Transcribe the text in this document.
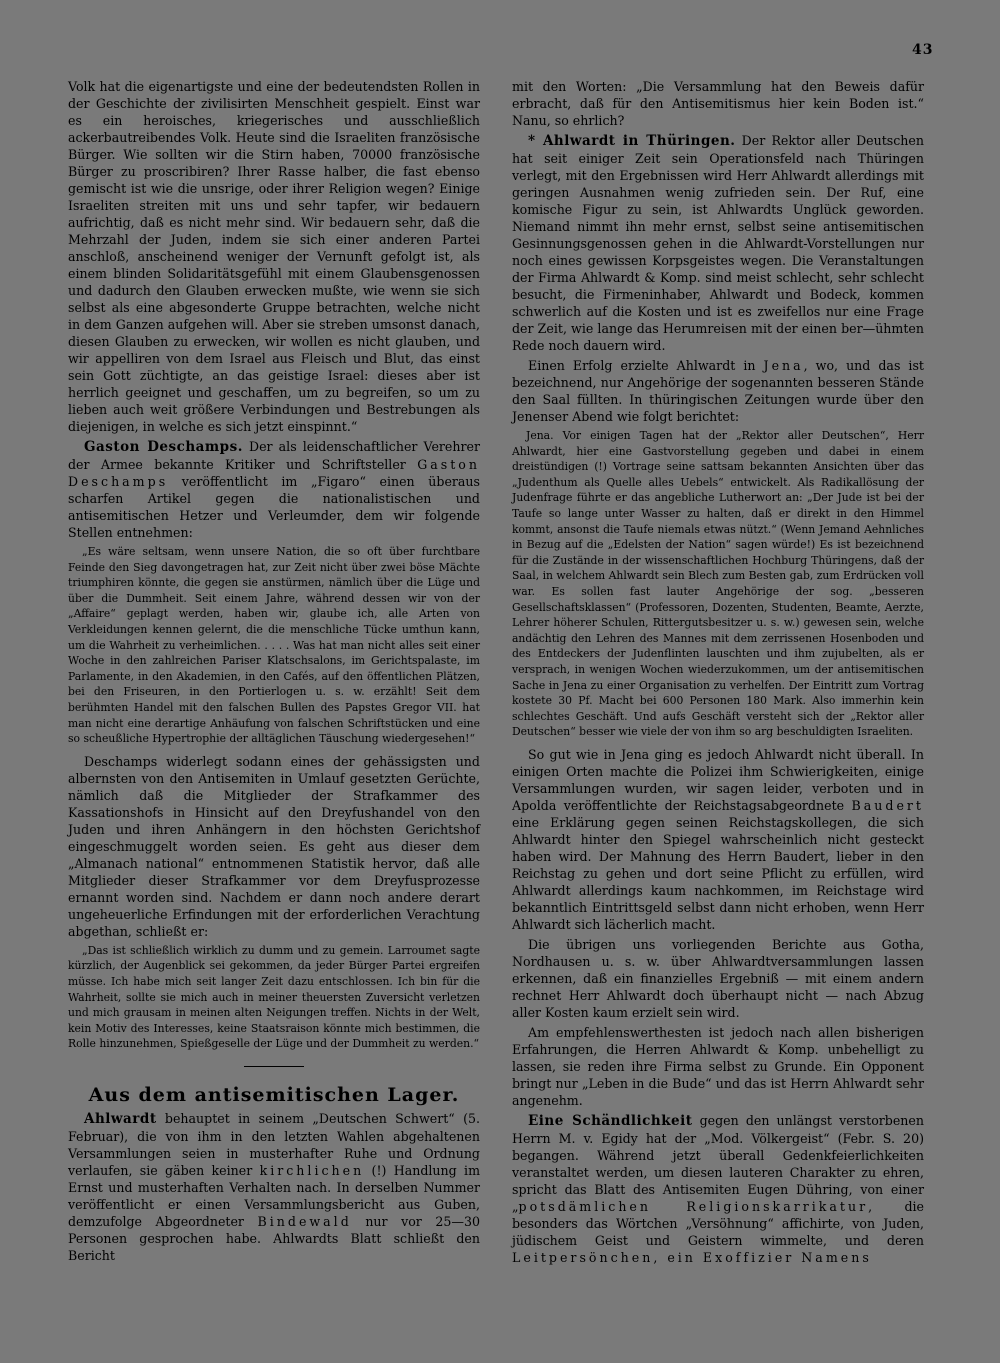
43

Volk hat die eigenartigste und eine der bedeutendsten Rollen in der Geschichte der zivilisirten Menschheit gespielt. Einst war es ein heroisches, kriegerisches und ausschließlich ackerbautreibendes Volk. Heute sind die Israeliten französische Bürger. Wie sollten wir die Stirn haben, 70000 französische Bürger zu proscribiren? Ihrer Rasse halber, die fast ebenso gemischt ist wie die unsrige, oder ihrer Religion wegen? Einige Israeliten streiten mit uns und sehr tapfer, wir bedauern aufrichtig, daß es nicht mehr sind. Wir bedauern sehr, daß die Mehrzahl der Juden, indem sie sich einer anderen Partei anschloß, anscheinend weniger der Vernunft gefolgt ist, als einem blinden Solidaritätsgefühl mit einem Glaubensgenossen und dadurch den Glauben erwecken mußte, wie wenn sie sich selbst als eine abgesonderte Gruppe betrachten, welche nicht in dem Ganzen aufgehen will. Aber sie streben umsonst danach, diesen Glauben zu erwecken, wir wollen es nicht glauben, und wir appelliren von dem Israel aus Fleisch und Blut, das einst sein Gott züchtigte, an das geistige Israel: dieses aber ist herrlich geeignet und geschaffen, um zu begreifen, so um zu lieben auch weit größere Verbindungen und Bestrebungen als diejenigen, in welche es sich jetzt einspinnt.“

Gaston Deschamps. Der als leidenschaftlicher Verehrer der Armee bekannte Kritiker und Schriftsteller Gaston Deschamps veröffentlicht im „Figaro“ einen überaus scharfen Artikel gegen die nationalistischen und antisemitischen Hetzer und Verleumder, dem wir folgende Stellen entnehmen:

„Es wäre seltsam, wenn unsere Nation, die so oft über furchtbare Feinde den Sieg davongetragen hat, zur Zeit nicht über zwei böse Mächte triumphiren könnte, die gegen sie anstürmen, nämlich über die Lüge und über die Dummheit. Seit einem Jahre, während dessen wir von der „Affaire“ geplagt werden, haben wir, glaube ich, alle Arten von Verkleidungen kennen gelernt, die die menschliche Tücke umthun kann, um die Wahrheit zu verheimlichen. . . . . Was hat man nicht alles seit einer Woche in den zahlreichen Pariser Klatschsalons, im Gerichtspalaste, im Parlamente, in den Akademien, in den Cafés, auf den öffentlichen Plätzen, bei den Friseuren, in den Portierlogen u. s. w. erzählt! Seit dem berühmten Handel mit den falschen Bullen des Papstes Gregor VII. hat man nicht eine derartige Anhäufung von falschen Schriftstücken und eine so scheußliche Hypertrophie der alltäglichen Täuschung wiedergesehen!“

Deschamps widerlegt sodann eines der gehässigsten und albernsten von den Antisemiten in Umlauf gesetzten Gerüchte, nämlich daß die Mitglieder der Strafkammer des Kassationshofs in Hinsicht auf den Dreyfushandel von den Juden und ihren Anhängern in den höchsten Gerichtshof eingeschmuggelt worden seien. Es geht aus dieser dem „Almanach national“ entnommenen Statistik hervor, daß alle Mitglieder dieser Strafkammer vor dem Dreyfusprozesse ernannt worden sind. Nachdem er dann noch andere derart ungeheuerliche Erfindungen mit der erforderlichen Verachtung abgethan, schließt er:

„Das ist schließlich wirklich zu dumm und zu gemein. Larroumet sagte kürzlich, der Augenblick sei gekommen, da jeder Bürger Partei ergreifen müsse. Ich habe mich seit langer Zeit dazu entschlossen. Ich bin für die Wahrheit, sollte sie mich auch in meiner theuersten Zuversicht verletzen und mich grausam in meinen alten Neigungen treffen. Nichts in der Welt, kein Motiv des Interesses, keine Staatsraison könnte mich bestimmen, die Rolle hinzunehmen, Spießgeselle der Lüge und der Dummheit zu werden.“

Aus dem antisemitischen Lager.

Ahlwardt behauptet in seinem „Deutschen Schwert“ (5. Februar), die von ihm in den letzten Wahlen abgehaltenen Versammlungen seien in musterhafter Ruhe und Ordnung verlaufen, sie gäben keiner kirchlichen (!) Handlung im Ernst und musterhaften Verhalten nach. In derselben Nummer veröffentlicht er einen Versammlungsbericht aus Guben, demzufolge Abgeordneter Bindewald nur vor 25—30 Personen gesprochen habe. Ahlwardts Blatt schließt den Bericht

mit den Worten: „Die Versammlung hat den Beweis dafür erbracht, daß für den Antisemitismus hier kein Boden ist.“ Nanu, so ehrlich?

* Ahlwardt in Thüringen. Der Rektor aller Deutschen hat seit einiger Zeit sein Operationsfeld nach Thüringen verlegt, mit den Ergebnissen wird Herr Ahlwardt allerdings mit geringen Ausnahmen wenig zufrieden sein. Der Ruf, eine komische Figur zu sein, ist Ahlwardts Unglück geworden. Niemand nimmt ihn mehr ernst, selbst seine antisemitischen Gesinnungsgenossen gehen in die Ahlwardt-Vorstellungen nur noch eines gewissen Korpsgeistes wegen. Die Veranstaltungen der Firma Ahlwardt & Komp. sind meist schlecht, sehr schlecht besucht, die Firmeninhaber, Ahlwardt und Bodeck, kommen schwerlich auf die Kosten und ist es zweifellos nur eine Frage der Zeit, wie lange das Herumreisen mit der einen ber—ühmten Rede noch dauern wird.

Einen Erfolg erzielte Ahlwardt in Jena, wo, und das ist bezeichnend, nur Angehörige der sogenannten besseren Stände den Saal füllten. In thüringischen Zeitungen wurde über den Jenenser Abend wie folgt berichtet:

Jena. Vor einigen Tagen hat der „Rektor aller Deutschen“, Herr Ahlwardt, hier eine Gastvorstellung gegeben und dabei in einem dreistündigen (!) Vortrage seine sattsam bekannten Ansichten über das „Judenthum als Quelle alles Uebels“ entwickelt. Als Radikallösung der Judenfrage führte er das angebliche Lutherwort an: „Der Jude ist bei der Taufe so lange unter Wasser zu halten, daß er direkt in den Himmel kommt, ansonst die Taufe niemals etwas nützt.“ (Wenn Jemand Aehnliches in Bezug auf die „Edelsten der Nation“ sagen würde!) Es ist bezeichnend für die Zustände in der wissenschaftlichen Hochburg Thüringens, daß der Saal, in welchem Ahlwardt sein Blech zum Besten gab, zum Erdrücken voll war. Es sollen fast lauter Angehörige der sog. „besseren Gesellschaftsklassen“ (Professoren, Dozenten, Studenten, Beamte, Aerzte, Lehrer höherer Schulen, Rittergutsbesitzer u. s. w.) gewesen sein, welche andächtig den Lehren des Mannes mit dem zerrissenen Hosenboden und des Entdeckers der Judenflinten lauschten und ihm zujubelten, als er versprach, in wenigen Wochen wiederzukommen, um der antisemitischen Sache in Jena zu einer Organisation zu verhelfen. Der Eintritt zum Vortrag kostete 30 Pf. Macht bei 600 Personen 180 Mark. Also immerhin kein schlechtes Geschäft. Und aufs Geschäft versteht sich der „Rektor aller Deutschen“ besser wie viele der von ihm so arg beschuldigten Israeliten.

So gut wie in Jena ging es jedoch Ahlwardt nicht überall. In einigen Orten machte die Polizei ihm Schwierigkeiten, einige Versammlungen wurden, wir sagen leider, verboten und in Apolda veröffentlichte der Reichstagsabgeordnete Baudert eine Erklärung gegen seinen Reichstagskollegen, die sich Ahlwardt hinter den Spiegel wahrscheinlich nicht gesteckt haben wird. Der Mahnung des Herrn Baudert, lieber in den Reichstag zu gehen und dort seine Pflicht zu erfüllen, wird Ahlwardt allerdings kaum nachkommen, im Reichstage wird bekanntlich Eintrittsgeld selbst dann nicht erhoben, wenn Herr Ahlwardt sich lächerlich macht.

Die übrigen uns vorliegenden Berichte aus Gotha, Nordhausen u. s. w. über Ahlwardtversammlungen lassen erkennen, daß ein finanzielles Ergebniß — mit einem andern rechnet Herr Ahlwardt doch überhaupt nicht — nach Abzug aller Kosten kaum erzielt sein wird.

Am empfehlenswerthesten ist jedoch nach allen bisherigen Erfahrungen, die Herren Ahlwardt & Komp. unbehelligt zu lassen, sie reden ihre Firma selbst zu Grunde. Ein Opponent bringt nur „Leben in die Bude“ und das ist Herrn Ahlwardt sehr angenehm.

Eine Schändlichkeit gegen den unlängst verstorbenen Herrn M. v. Egidy hat der „Mod. Völkergeist“ (Febr. S. 20) begangen. Während jetzt überall Gedenkfeierlichkeiten veranstaltet werden, um diesen lauteren Charakter zu ehren, spricht das Blatt des Antisemiten Eugen Dühring, von einer „potsdämlichen Religionskarrikatur, die besonders das Wörtchen „Versöhnung“ affichirte, von Juden, jüdischem Geist und Geistern wimmelte, und deren Leitpersönchen, ein Exoffizier Namens
